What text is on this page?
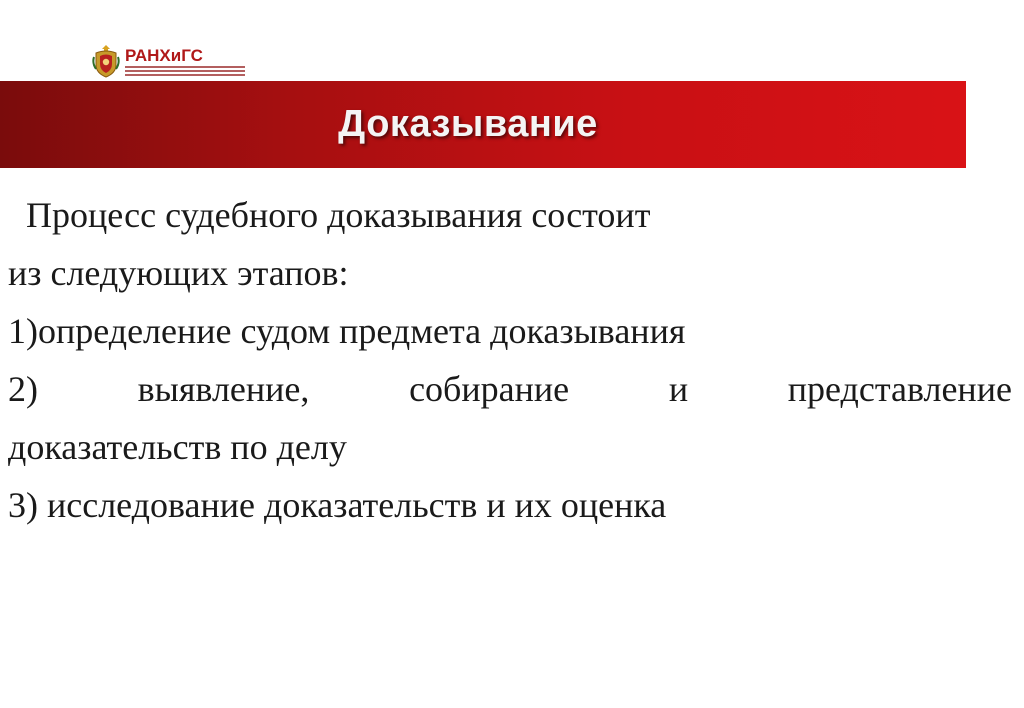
РАНХиГС
Доказывание
Процесс судебного доказывания состоит
из следующих этапов:
1)определение судом предмета доказывания
2)	выявление,	собирание	и	представление
доказательств по делу
3) исследование доказательств и их оценка
